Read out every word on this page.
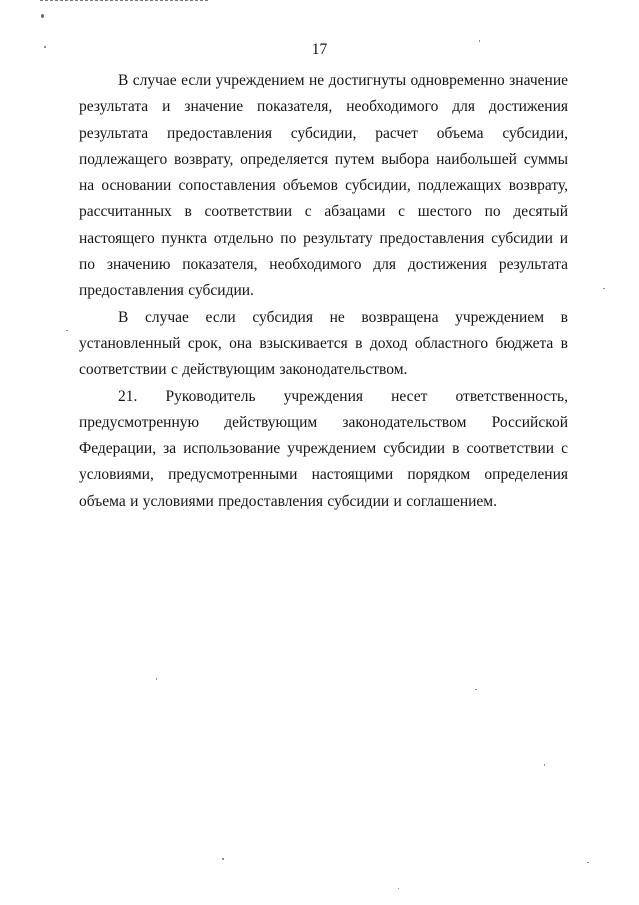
17

В случае если учреждением не достигнуты одновременно значение результата и значение показателя, необходимого для достижения результата предоставления субсидии, расчет объема субсидии, подлежащего возврату, определяется путем выбора наибольшей суммы на основании сопоставления объемов субсидии, подлежащих возврату, рассчитанных в соответствии с абзацами с шестого по десятый настоящего пункта отдельно по результату предоставления субсидии и по значению показателя, необходимого для достижения результата предоставления субсидии.

В случае если субсидия не возвращена учреждением в установленный срок, она взыскивается в доход областного бюджета в соответствии с действующим законодательством.

21. Руководитель учреждения несет ответственность, предусмотренную действующим законодательством Российской Федерации, за использование учреждением субсидии в соответствии с условиями, предусмотренными настоящими порядком определения объема и условиями предоставления субсидии и соглашением.
